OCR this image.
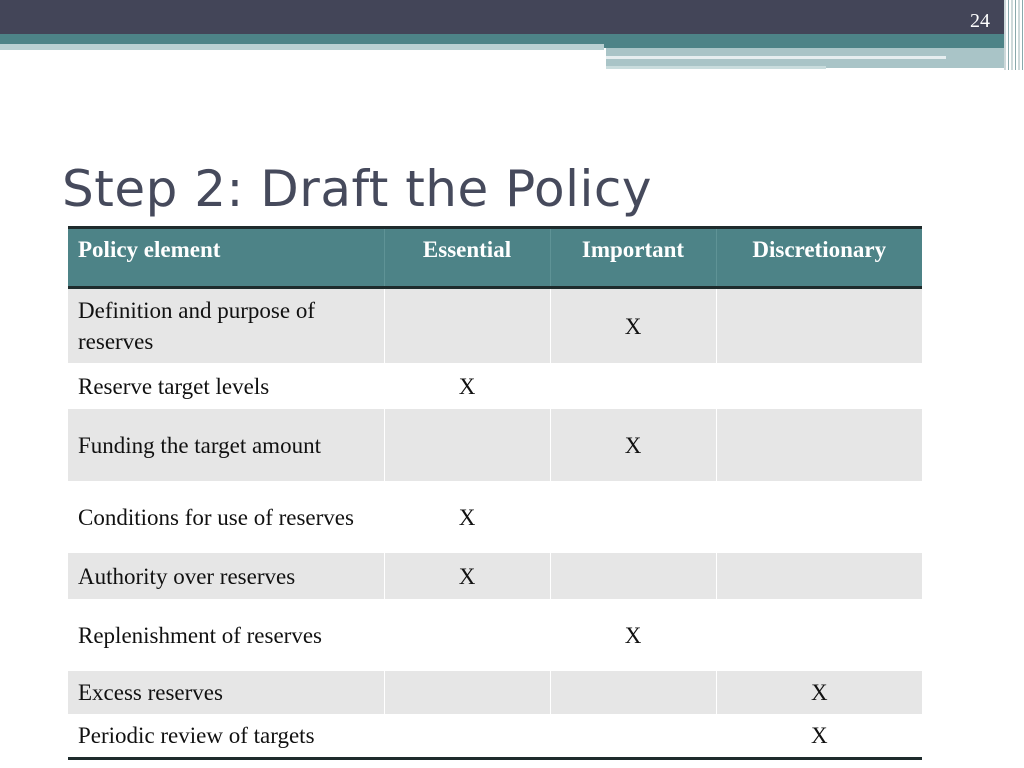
24
Step 2: Draft the Policy
Policy element	Essential	Important	Discretionary
Definition and purpose of reserves		X	
Reserve target levels	X		
Funding the target amount		X	
Conditions for use of reserves	X		
Authority over reserves	X		
Replenishment of reserves		X	
Excess reserves			X
Periodic review of targets			X
